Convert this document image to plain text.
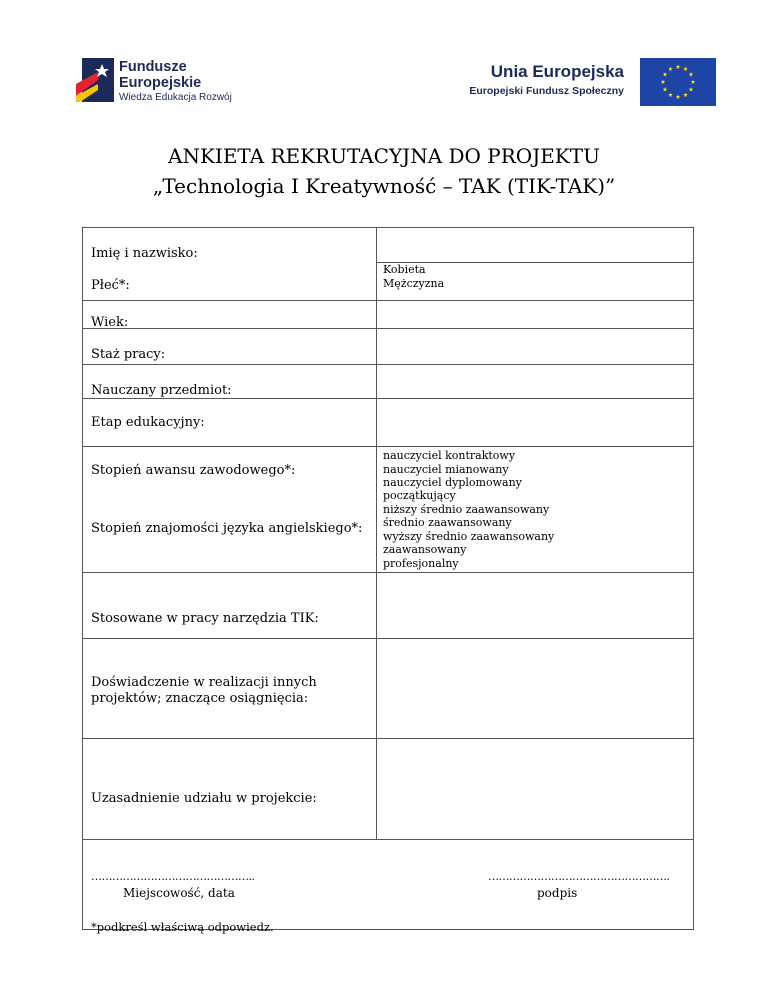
Fundusze
Europejskie
Wiedza Edukacja Rozwój
Unia Europejska
Europejski Fundusz Społeczny
ANKIETA REKRUTACYJNA DO PROJEKTU
„Technologia I Kreatywność – TAK (TIK-TAK)”
Imię i nazwisko:
Płeć*:
Kobieta
Mężczyzna
Wiek:
Staż pracy:
Nauczany przedmiot:
Etap edukacyjny:
Stopień awansu zawodowego*:
Stopień znajomości języka angielskiego*:
nauczyciel kontraktowy
nauczyciel mianowany
nauczyciel dyplomowany
początkujący
niższy średnio zaawansowany
średnio zaawansowany
wyższy średnio zaawansowany
zaawansowany
profesjonalny
Stosowane w pracy narzędzia TIK:
Doświadczenie w realizacji innych
projektów; znaczące osiągnięcia:
Uzasadnienie udziału w projekcie:
………………………………………..
Miejscowość, data
…………………………………………….
podpis
*podkreśl właściwą odpowiedz.
